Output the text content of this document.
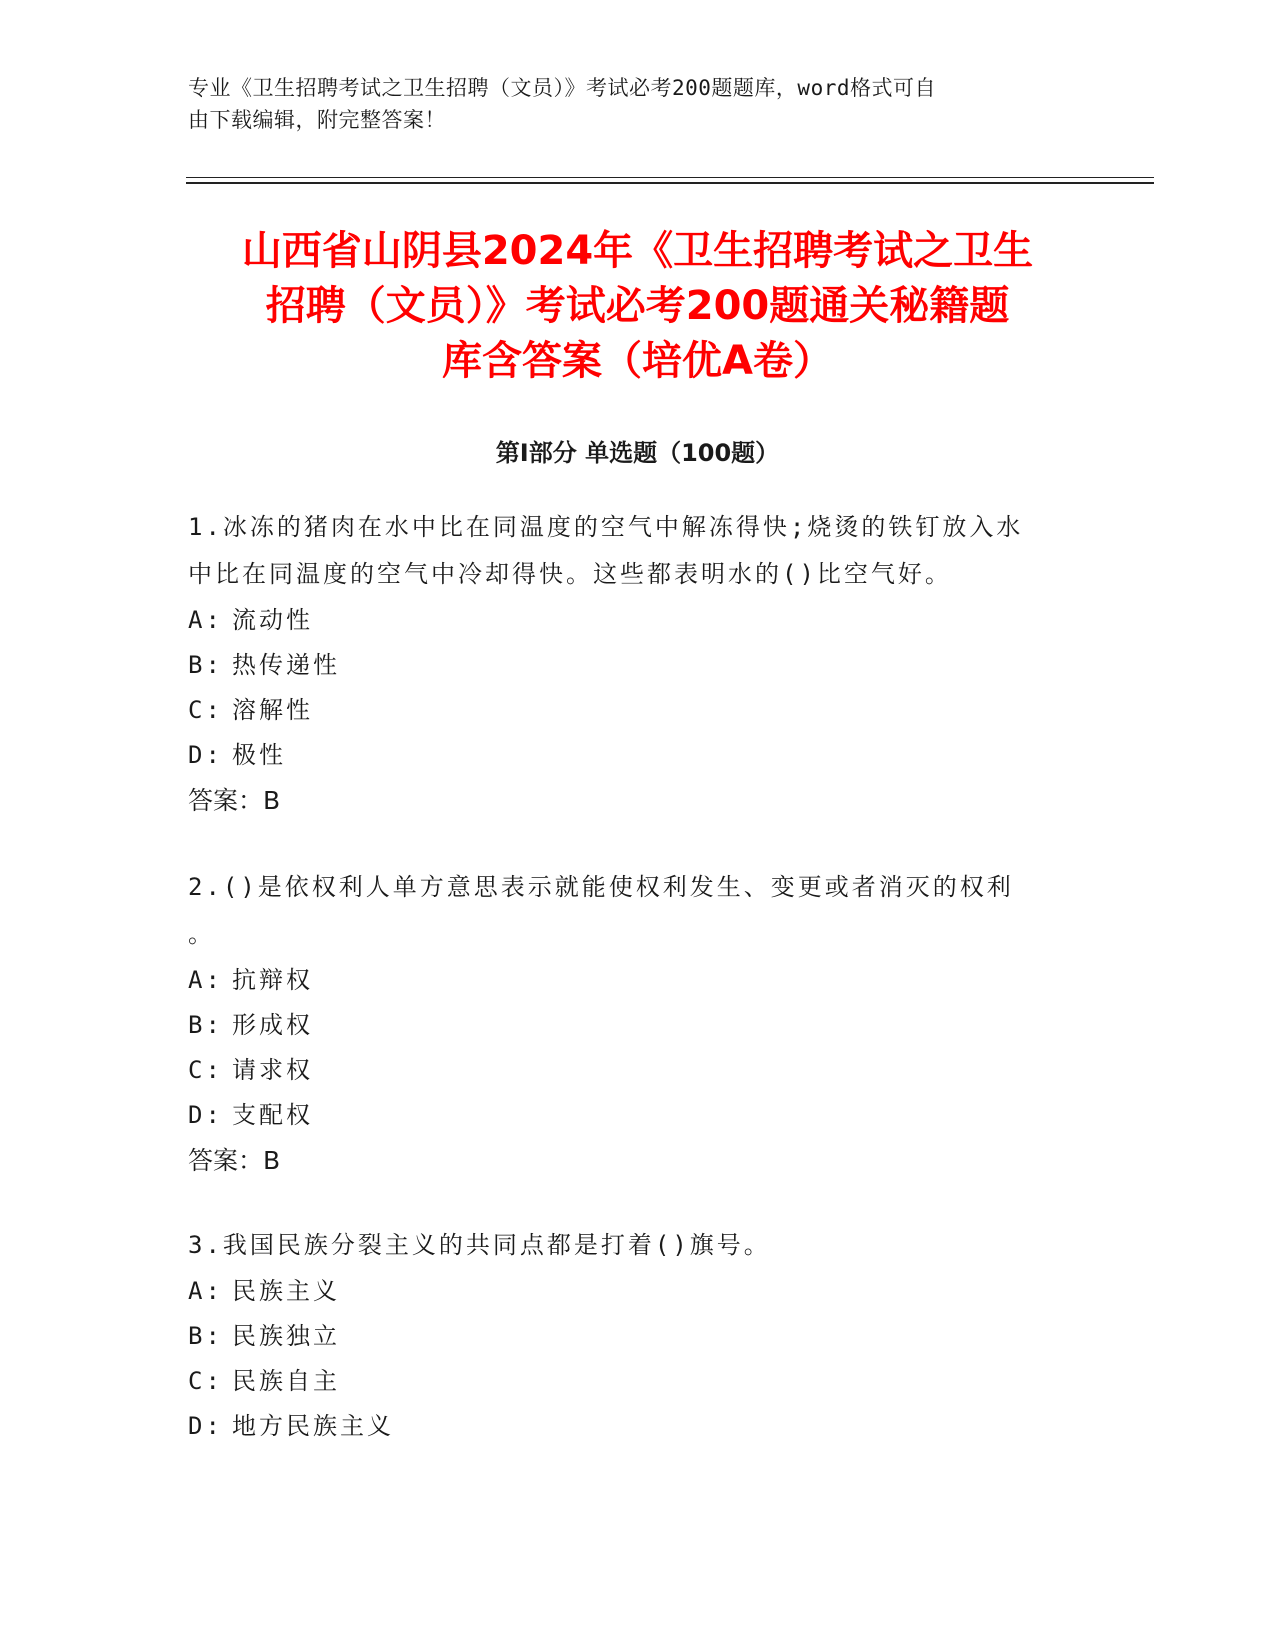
专业《卫生招聘考试之卫生招聘（文员）》考试必考200题题库，word格式可自
由下载编辑，附完整答案！
山西省山阴县2024年《卫生招聘考试之卫生
招聘（文员）》考试必考200题通关秘籍题
库含答案（培优A卷）
第I部分 单选题（100题）

1.冰冻的猪肉在水中比在同温度的空气中解冻得快;烧烫的铁钉放入水

中比在同温度的空气中冷却得快。这些都表明水的()比空气好。

A: 流动性

B: 热传递性

C: 溶解性

D: 极性

答案：B

2.()是依权利人单方意思表示就能使权利发生、变更或者消灭的权利

。

A: 抗辩权

B: 形成权

C: 请求权

D: 支配权

答案：B

3.我国民族分裂主义的共同点都是打着()旗号。

A: 民族主义

B: 民族独立

C: 民族自主

D: 地方民族主义
